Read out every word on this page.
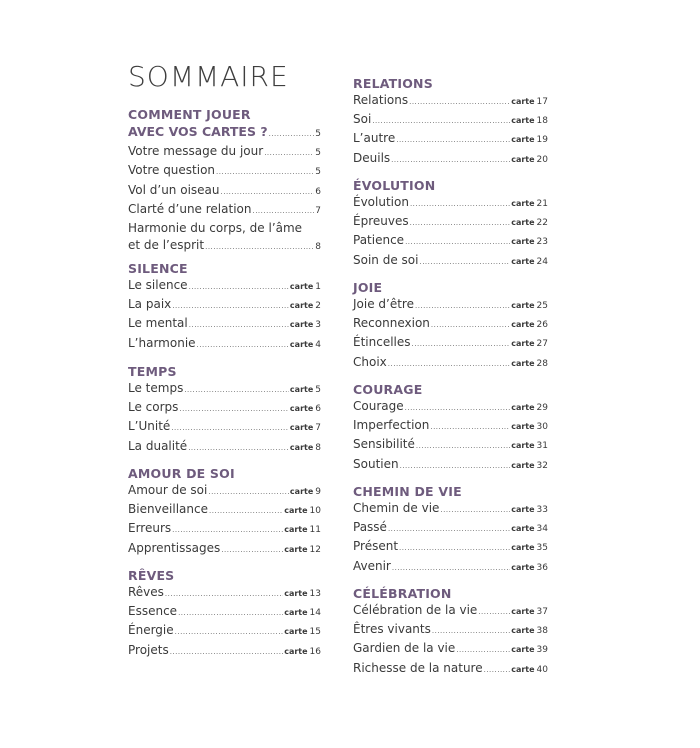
SOMMAIRE
COMMENT JOUER
AVEC VOS CARTES ? .....	5
Votre message du jour .....	5
Votre question .....	5
Vol d’un oiseau .....	6
Clarté d’une relation .....	7
Harmonie du corps, de l’âme
et de l’esprit .....	8
SILENCE
Le silence .....	carte 1
La paix .....	carte 2
Le mental .....	carte 3
L’harmonie .....	carte 4
TEMPS
Le temps .....	carte 5
Le corps .....	carte 6
L’Unité .....	carte 7
La dualité .....	carte 8
AMOUR DE SOI
Amour de soi .....	carte 9
Bienveillance .....	carte 10
Erreurs .....	carte 11
Apprentissages .....	carte 12
RÊVES
Rêves .....	carte 13
Essence .....	carte 14
Énergie .....	carte 15
Projets .....	carte 16
RELATIONS
Relations .....	carte 17
Soi .....	carte 18
L’autre .....	carte 19
Deuils .....	carte 20
ÉVOLUTION
Évolution .....	carte 21
Épreuves .....	carte 22
Patience .....	carte 23
Soin de soi .....	carte 24
JOIE
Joie d’être .....	carte 25
Reconnexion .....	carte 26
Étincelles .....	carte 27
Choix .....	carte 28
COURAGE
Courage .....	carte 29
Imperfection .....	carte 30
Sensibilité .....	carte 31
Soutien .....	carte 32
CHEMIN DE VIE
Chemin de vie .....	carte 33
Passé .....	carte 34
Présent .....	carte 35
Avenir .....	carte 36
CÉLÉBRATION
Célébration de la vie .....	carte 37
Êtres vivants .....	carte 38
Gardien de la vie .....	carte 39
Richesse de la nature .....	carte 40
